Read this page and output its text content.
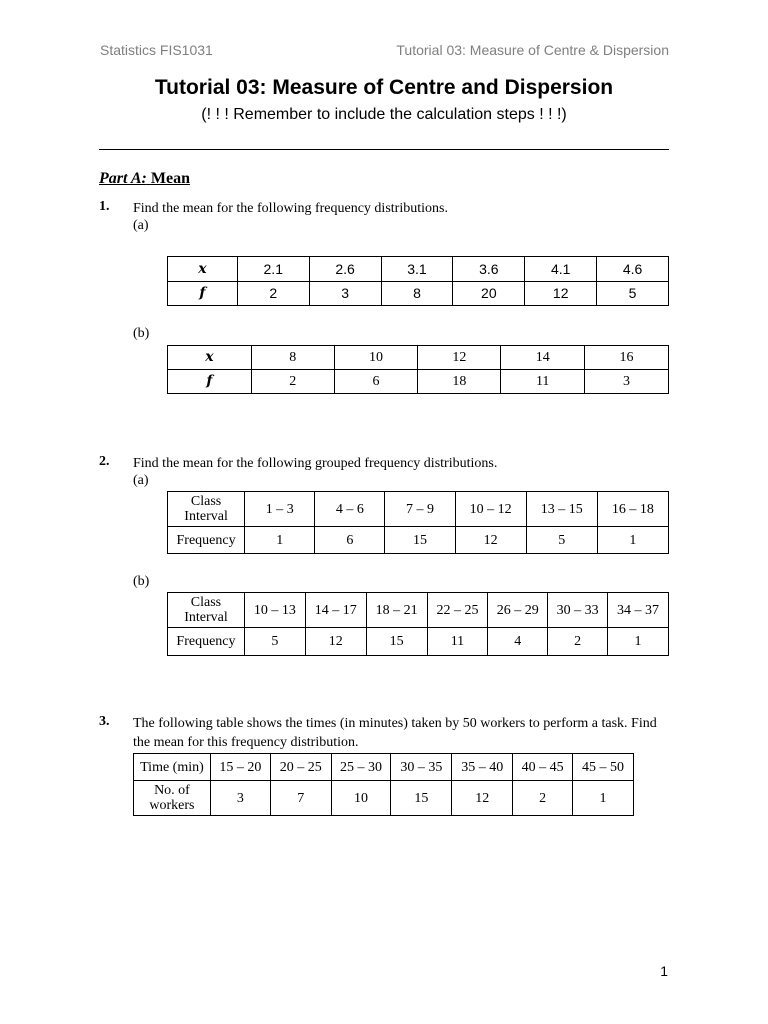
Statistics FIS1031	Tutorial 03: Measure of Centre & Dispersion
Tutorial 03: Measure of Centre and Dispersion
(! ! ! Remember to include the calculation steps ! ! !)
Part A: Mean
1. Find the mean for the following frequency distributions.
(a)
x	2.1	2.6	3.1	3.6	4.1	4.6
f	2	3	8	20	12	5
(b)
x	8	10	12	14	16
f	2	6	18	11	3
2. Find the mean for the following grouped frequency distributions.
(a)
Class Interval	1 – 3	4 – 6	7 – 9	10 – 12	13 – 15	16 – 18
Frequency	1	6	15	12	5	1
(b)
Class Interval	10 – 13	14 – 17	18 – 21	22 – 25	26 – 29	30 – 33	34 – 37
Frequency	5	12	15	11	4	2	1
3. The following table shows the times (in minutes) taken by 50 workers to perform a task. Find
the mean for this frequency distribution.
Time (min)	15 – 20	20 – 25	25 – 30	30 – 35	35 – 40	40 – 45	45 – 50
No. of workers	3	7	10	15	12	2	1
1
